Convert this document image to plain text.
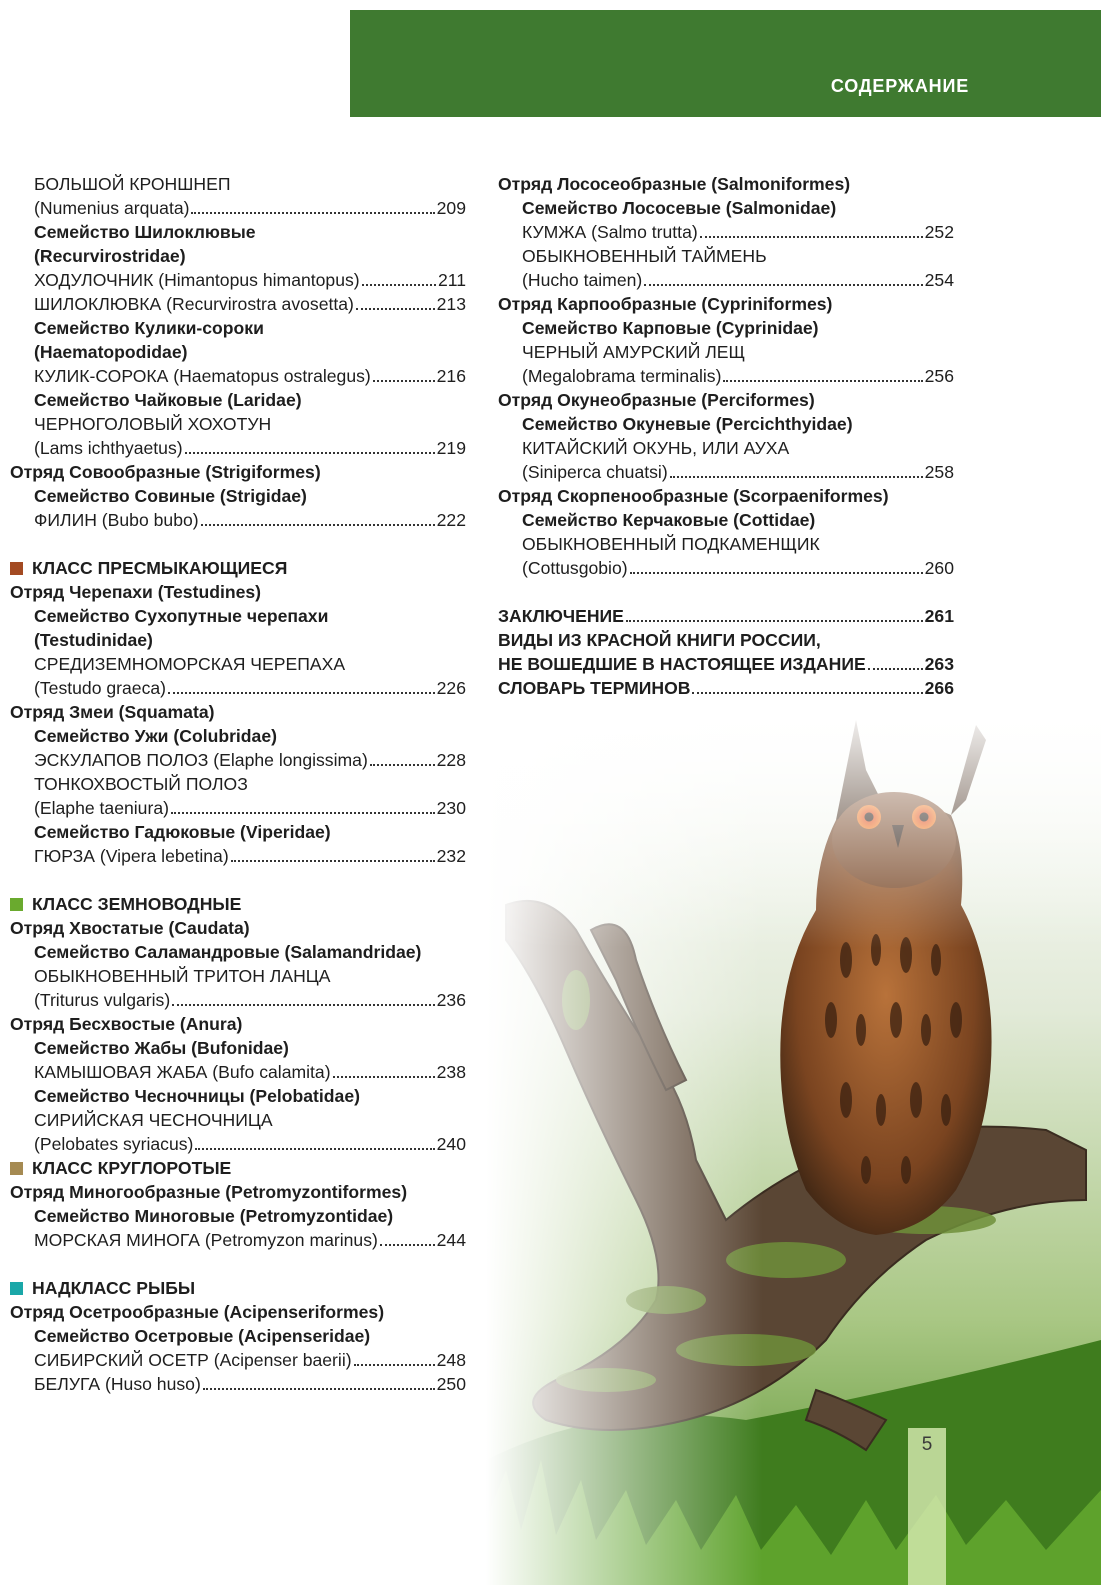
СОДЕРЖАНИЕ
БОЛЬШОЙ КРОНШНЕП
(Numenius arquata)	209
Семейство Шилоклювые
(Recurvirostridae)
ХОДУЛОЧНИК (Himantopus himantopus)	211
ШИЛОКЛЮВКА (Recurvirostra avosetta)	213
Семейство Кулики-сороки
(Haematopodidae)
КУЛИК-СОРОКА (Haematopus ostralegus)	216
Семейство Чайковые (Laridae)
ЧЕРНОГОЛОВЫЙ ХОХОТУН
(Lams ichthyaetus)	219
Отряд Совообразные (Strigiformes)
Семейство Совиные (Strigidae)
ФИЛИН (Bubo bubo)	222
КЛАСС ПРЕСМЫКАЮЩИЕСЯ
Отряд Черепахи (Testudines)
Семейство Сухопутные черепахи
(Testudinidae)
СРЕДИЗЕМНОМОРСКАЯ ЧЕРЕПАХА
(Testudo graeca)	226
Отряд Змеи (Squamata)
Семейство Ужи (Colubridae)
ЭСКУЛАПОВ ПОЛОЗ (Elaphe longissima)	228
ТОНКОХВОСТЫЙ ПОЛОЗ
(Elaphe taeniura)	230
Семейство Гадюковые (Viperidae)
ГЮРЗА (Vipera lebetina)	232
КЛАСС ЗЕМНОВОДНЫЕ
Отряд Хвостатые (Caudata)
Семейство Саламандровые (Salamandridae)
ОБЫКНОВЕННЫЙ ТРИТОН ЛАНЦА
(Triturus vulgaris)	236
Отряд Бесхвостые (Anura)
Семейство Жабы (Bufonidae)
КАМЫШОВАЯ ЖАБА (Bufo calamita)	238
Семейство Чесночницы (Pelobatidae)
СИРИЙСКАЯ ЧЕСНОЧНИЦА
(Pelobates syriacus)	240
КЛАСС КРУГЛОРОТЫЕ
Отряд Миногообразные (Petromyzontiformes)
Семейство Миноговые (Petromyzontidae)
МОРСКАЯ МИНОГА (Petromyzon marinus)	244
НАДКЛАСС РЫБЫ
Отряд Осетрообразные (Acipenseriformes)
Семейство Осетровые (Acipenseridae)
СИБИРСКИЙ ОСЕТР (Acipenser baerii)	248
БЕЛУГА (Huso huso)	250
Отряд Лососеобразные (Salmoniformes)
Семейство Лососевые (Salmonidae)
КУМЖА (Salmo trutta)	252
ОБЫКНОВЕННЫЙ ТАЙМЕНЬ
(Hucho taimen)	254
Отряд Карпообразные (Cypriniformes)
Семейство Карповые (Cyprinidae)
ЧЕРНЫЙ АМУРСКИЙ ЛЕЩ
(Megalobrama terminalis)	256
Отряд Окунеобразные (Perciformes)
Семейство Окуневые (Percichthyidae)
КИТАЙСКИЙ ОКУНЬ, ИЛИ АУХА
(Siniperca chuatsi)	258
Отряд Скорпенообразные (Scorpaeniformes)
Семейство Керчаковые (Cottidae)
ОБЫКНОВЕННЫЙ ПОДКАМЕНЩИК
(Cottusgobio)	260
ЗАКЛЮЧЕНИЕ	261
ВИДЫ ИЗ КРАСНОЙ КНИГИ РОССИИ,
НЕ ВОШЕДШИЕ В НАСТОЯЩЕЕ ИЗДАНИЕ	263
СЛОВАРЬ ТЕРМИНОВ	266
5
